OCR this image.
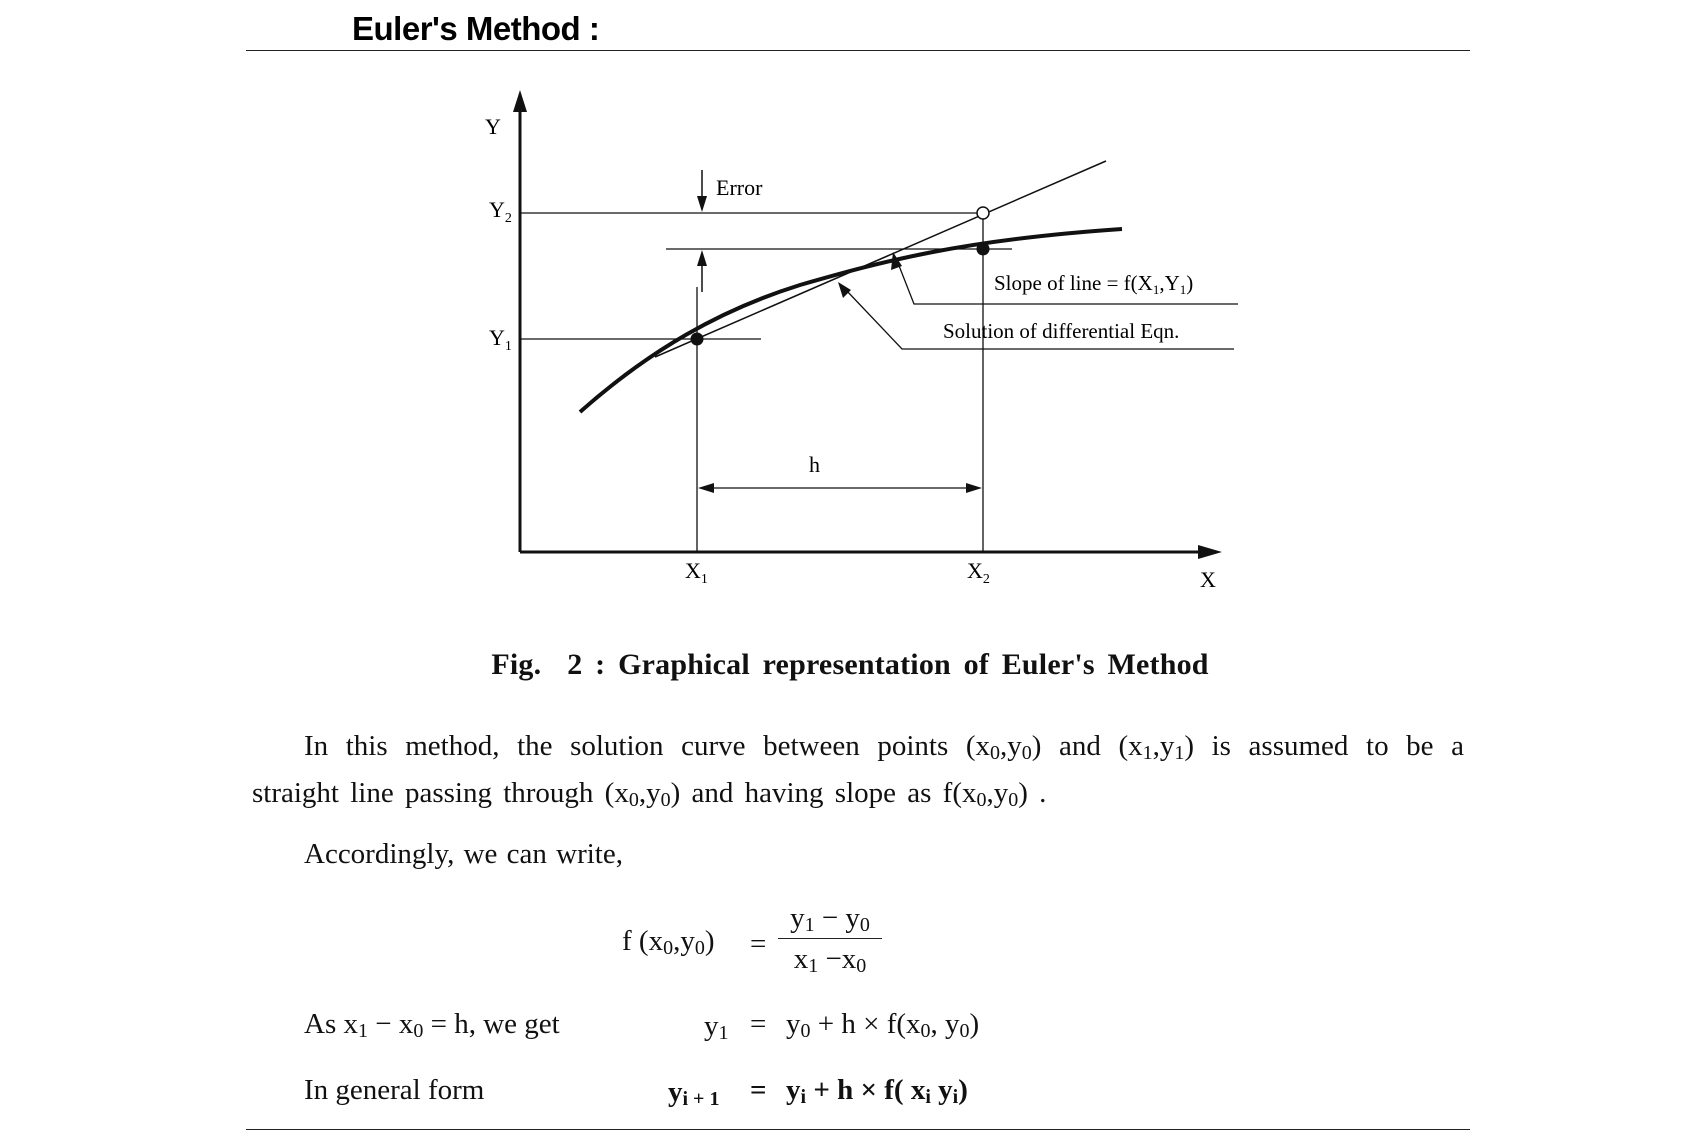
Euler's Method :
Y
X
$Y_2$
$Y_1$
$X_1$	$X_2$
Error
h
Slope of line = f(X1,Y1)
Solution of differential Eqn.
Fig. 2 : Graphical representation of Euler's Method
In this method, the solution curve between points $(x_0,y_0)$ and $(x_1,y_1)$ is assumed to be a straight line passing through $(x_0,y_0)$ and having slope as $f(x_0,y_0)$ .
Accordingly, we can write,
f $(x_0,y_0)$ =
$y_1 - y_0$
$x_1 -x_0$
As $x_1 - x_0 = h$, we get	$y_1 = y_0 + h \times f(x_0$, $y_0$)
In general form	$y_{i + 1} = y_i + h \times f$( $x_i$ $y_i$)
